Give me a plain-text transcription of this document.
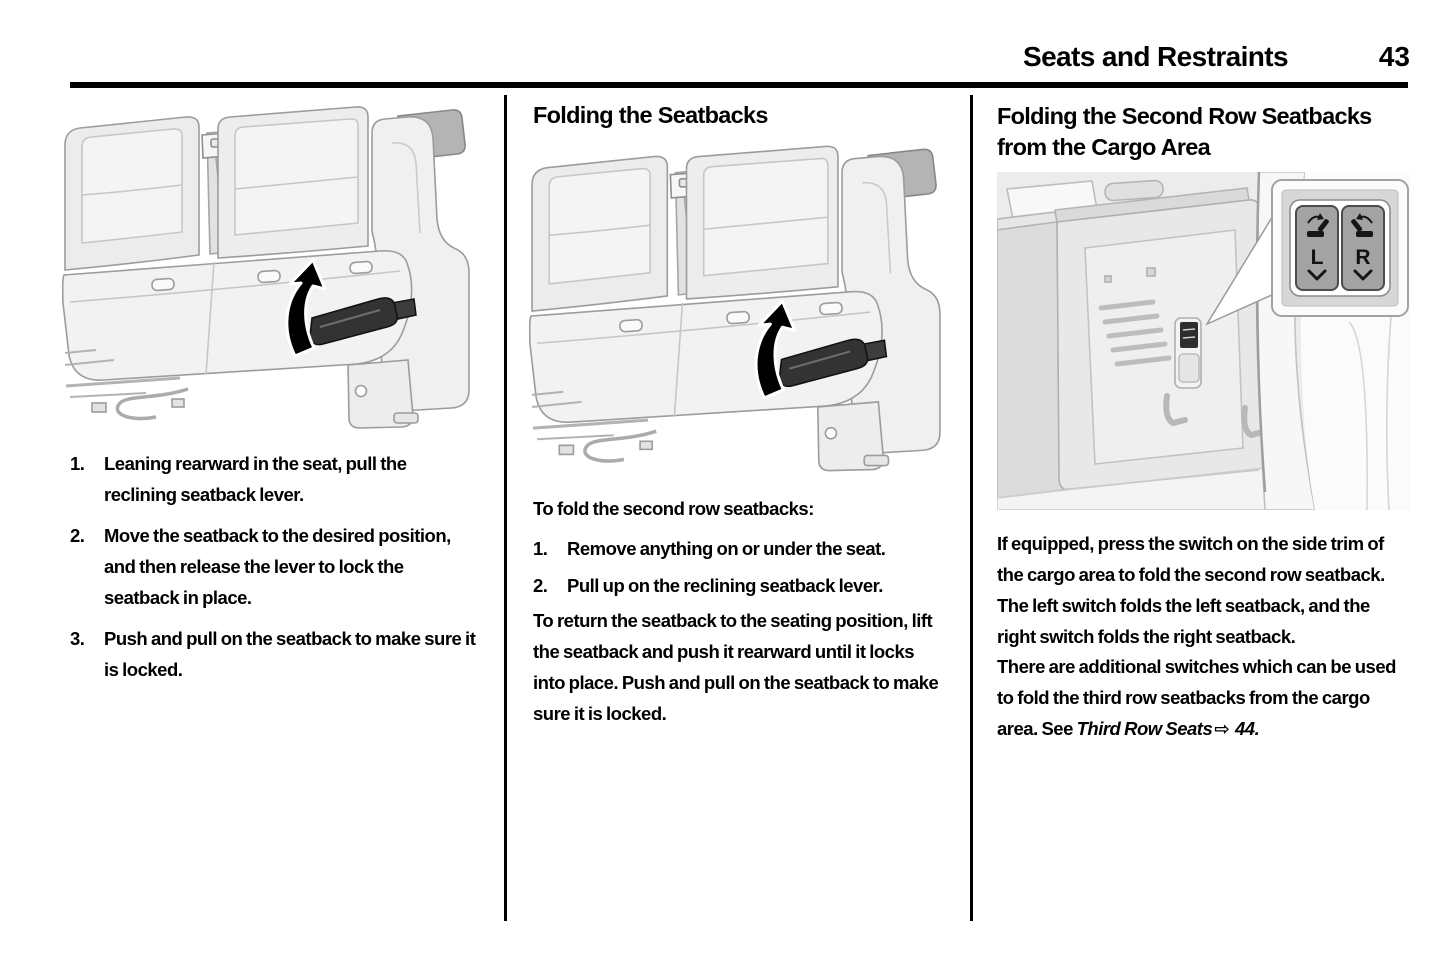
Seats and Restraints	43
1. Leaning rearward in the seat, pull the reclining seatback lever.
2. Move the seatback to the desired position, and then release the lever to lock the seatback in place.
3. Push and pull on the seatback to make sure it is locked.
Folding the Seatbacks

To fold the second row seatbacks:

1. Remove anything on or under the seat.
2. Pull up on the reclining seatback lever.

To return the seatback to the seating position, lift the seatback and push it rearward until it locks into place. Push and pull on the seatback to make sure it is locked.

Folding the Second Row Seatbacks from the Cargo Area
L R

If equipped, press the switch on the side trim of the cargo area to fold the second row seatback. The left switch folds the left seatback, and the right switch folds the right seatback.

There are additional switches which can be used to fold the third row seatbacks from the cargo area. See Third Row Seats ⇨ 44.
